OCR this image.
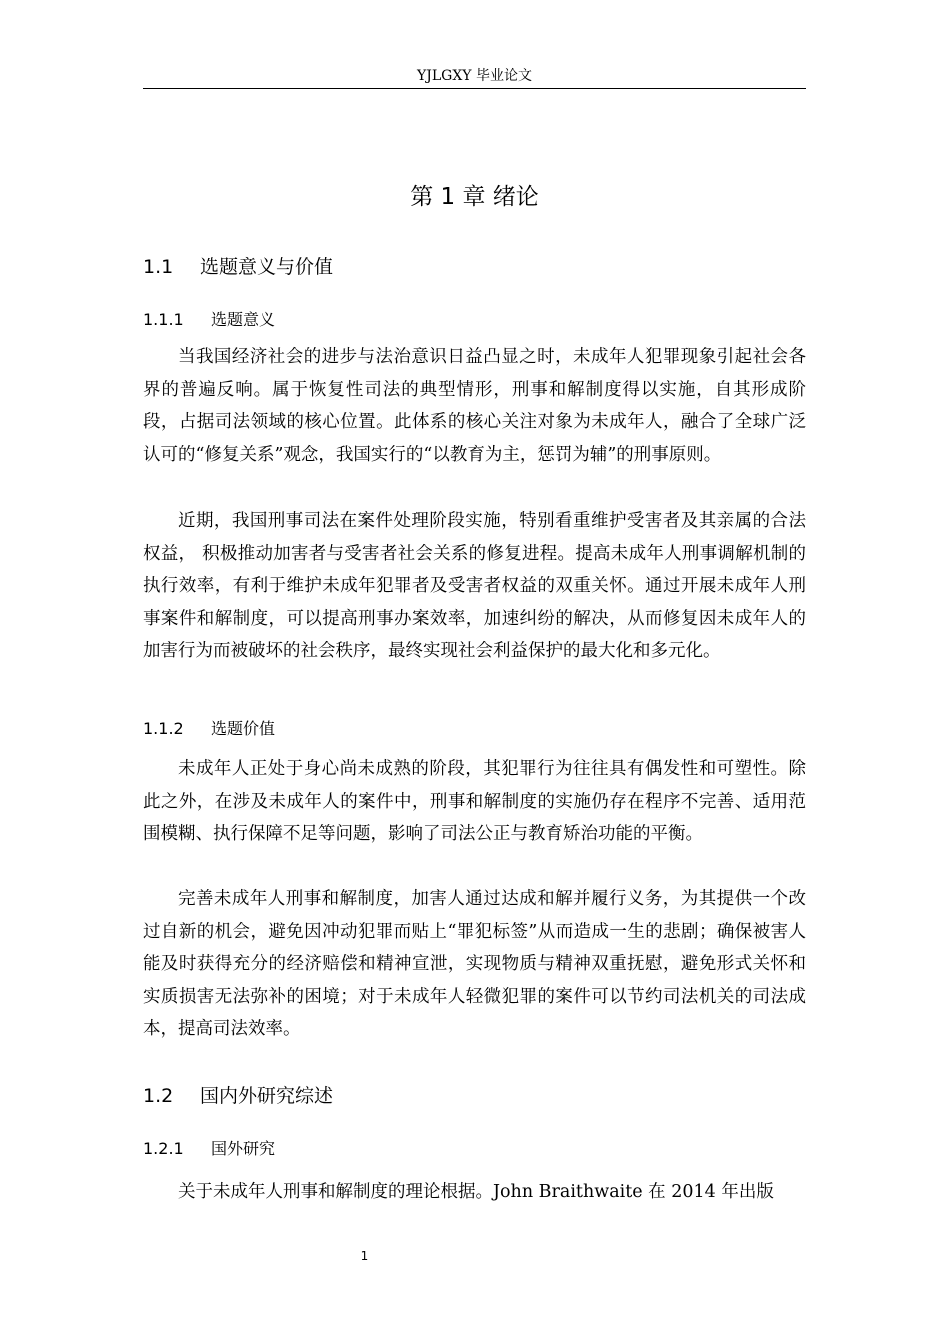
YJLGXY 毕业论文
第 1 章 绪论
1.1 选题意义与价值
1.1.1 选题意义

当我国经济社会的进步与法治意识日益凸显之时，未成年人犯罪现象引起社会各界的普遍反响。属于恢复性司法的典型情形，刑事和解制度得以实施，自其形成阶段，占据司法领域的核心位置。此体系的核心关注对象为未成年人，融合了全球广泛认可的“修复关系”观念，我国实行的“以教育为主，惩罚为辅”的刑事原则。

近期，我国刑事司法在案件处理阶段实施，特别看重维护受害者及其亲属的合法权益， 积极推动加害者与受害者社会关系的修复进程。提高未成年人刑事调解机制的执行效率，有利于维护未成年犯罪者及受害者权益的双重关怀。通过开展未成年人刑事案件和解制度，可以提高刑事办案效率，加速纠纷的解决，从而修复因未成年人的加害行为而被破坏的社会秩序，最终实现社会利益保护的最大化和多元化。

1.1.2 选题价值

未成年人正处于身心尚未成熟的阶段，其犯罪行为往往具有偶发性和可塑性。除此之外，在涉及未成年人的案件中，刑事和解制度的实施仍存在程序不完善、适用范围模糊、执行保障不足等问题，影响了司法公正与教育矫治功能的平衡。

完善未成年人刑事和解制度，加害人通过达成和解并履行义务，为其提供一个改过自新的机会，避免因冲动犯罪而贴上“罪犯标签”从而造成一生的悲剧；确保被害人能及时获得充分的经济赔偿和精神宣泄，实现物质与精神双重抚慰，避免形式关怀和实质损害无法弥补的困境；对于未成年人轻微犯罪的案件可以节约司法机关的司法成本，提高司法效率。

1.2 国内外研究综述
1.2.1 国外研究

关于未成年人刑事和解制度的理论根据。John Braithwaite 在 2014 年出版

1
